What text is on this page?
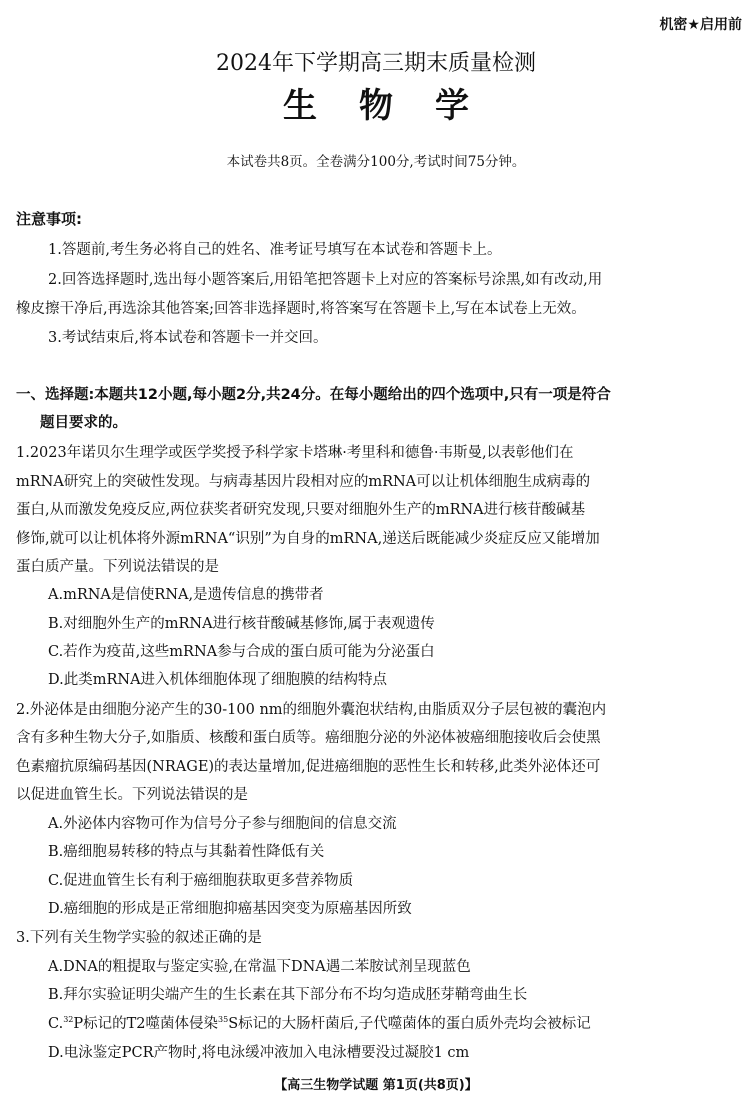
机密★启用前
2024年下学期高三期末质量检测
生物学
本试卷共8页。全卷满分100分,考试时间75分钟。
注意事项:
1.答题前,考生务必将自己的姓名、准考证号填写在本试卷和答题卡上。
2.回答选择题时,选出每小题答案后,用铅笔把答题卡上对应的答案标号涂黑,如有改动,用
橡皮擦干净后,再选涂其他答案;回答非选择题时,将答案写在答题卡上,写在本试卷上无效。
3.考试结束后,将本试卷和答题卡一并交回。
一、选择题:本题共12小题,每小题2分,共24分。在每小题给出的四个选项中,只有一项是符合
题目要求的。
1.2023年诺贝尔生理学或医学奖授予科学家卡塔琳·考里科和德鲁·韦斯曼,以表彰他们在
mRNA研究上的突破性发现。与病毒基因片段相对应的mRNA可以让机体细胞生成病毒的
蛋白,从而激发免疫反应,两位获奖者研究发现,只要对细胞外生产的mRNA进行核苷酸碱基
修饰,就可以让机体将外源mRNA“识别”为自身的mRNA,递送后既能减少炎症反应又能增加
蛋白质产量。下列说法错误的是
A.mRNA是信使RNA,是遗传信息的携带者
B.对细胞外生产的mRNA进行核苷酸碱基修饰,属于表观遗传
C.若作为疫苗,这些mRNA参与合成的蛋白质可能为分泌蛋白
D.此类mRNA进入机体细胞体现了细胞膜的结构特点
2.外泌体是由细胞分泌产生的30-100 nm的细胞外囊泡状结构,由脂质双分子层包被的囊泡内
含有多种生物大分子,如脂质、核酸和蛋白质等。癌细胞分泌的外泌体被癌细胞接收后会使黑
色素瘤抗原编码基因(NRAGE)的表达量增加,促进癌细胞的恶性生长和转移,此类外泌体还可
以促进血管生长。下列说法错误的是
A.外泌体内容物可作为信号分子参与细胞间的信息交流
B.癌细胞易转移的特点与其黏着性降低有关
C.促进血管生长有利于癌细胞获取更多营养物质
D.癌细胞的形成是正常细胞抑癌基因突变为原癌基因所致
3.下列有关生物学实验的叙述正确的是
A.DNA的粗提取与鉴定实验,在常温下DNA遇二苯胺试剂呈现蓝色
B.拜尔实验证明尖端产生的生长素在其下部分布不均匀造成胚芽鞘弯曲生长
C.$^{32}$P标记的T2噬菌体侵染$^{35}$S标记的大肠杆菌后,子代噬菌体的蛋白质外壳均会被标记
D.电泳鉴定PCR产物时,将电泳缓冲液加入电泳槽要没过凝胶1 cm
【高三生物学试题 第1页(共8页)】
